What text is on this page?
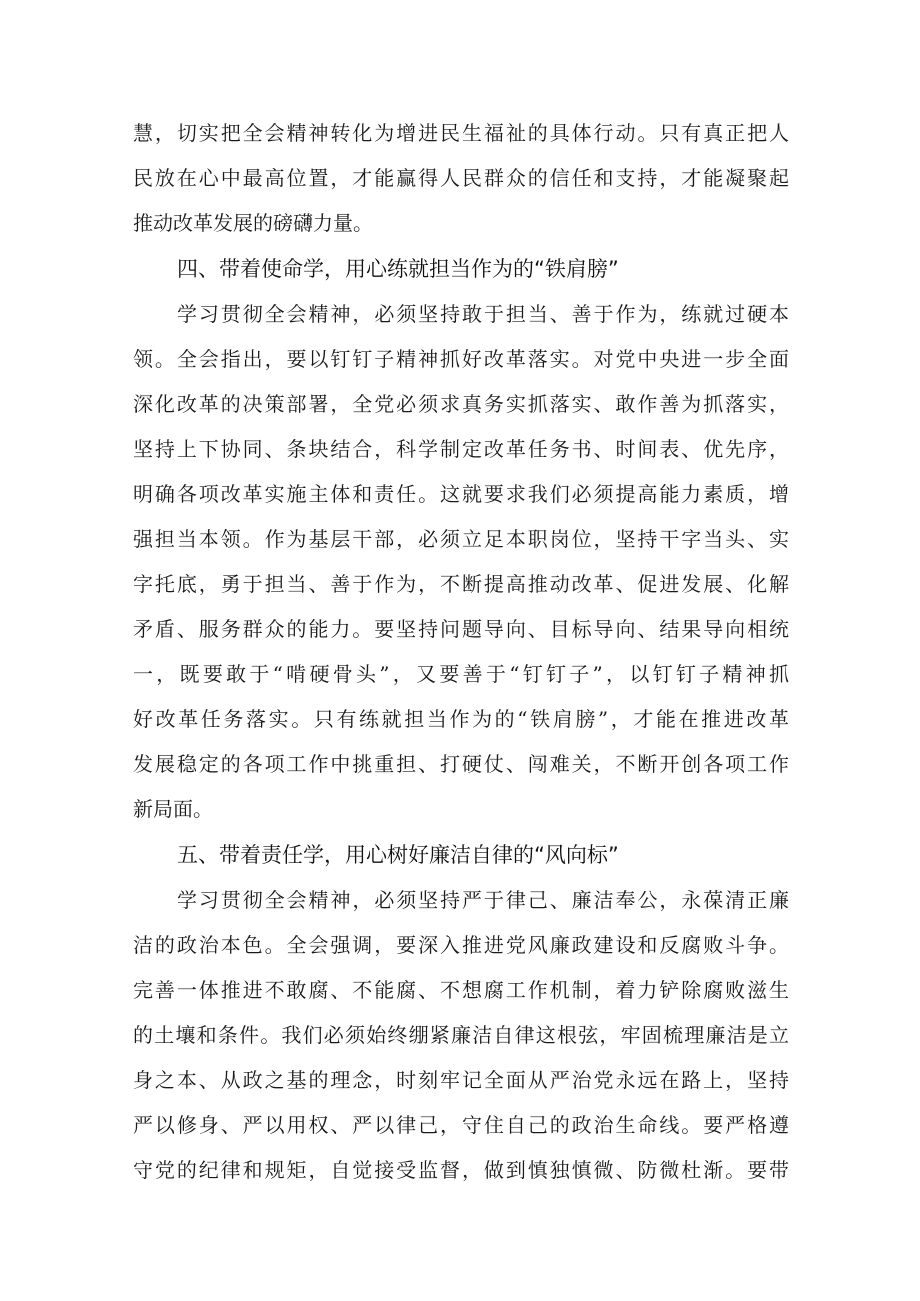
慧，切实把全会精神转化为增进民生福祉的具体行动。只有真正把人
民放在心中最高位置，才能赢得人民群众的信任和支持，才能凝聚起
推动改革发展的磅礴力量。
四、带着使命学，用心练就担当作为的“铁肩膀”
学习贯彻全会精神，必须坚持敢于担当、善于作为，练就过硬本
领。全会指出，要以钉钉子精神抓好改革落实。对党中央进一步全面
深化改革的决策部署，全党必须求真务实抓落实、敢作善为抓落实，
坚持上下协同、条块结合，科学制定改革任务书、时间表、优先序，
明确各项改革实施主体和责任。这就要求我们必须提高能力素质，增
强担当本领。作为基层干部，必须立足本职岗位，坚持干字当头、实
字托底，勇于担当、善于作为，不断提高推动改革、促进发展、化解
矛盾、服务群众的能力。要坚持问题导向、目标导向、结果导向相统
一，既要敢于“啃硬骨头”，又要善于“钉钉子”，以钉钉子精神抓
好改革任务落实。只有练就担当作为的“铁肩膀”，才能在推进改革
发展稳定的各项工作中挑重担、打硬仗、闯难关，不断开创各项工作
新局面。
五、带着责任学，用心树好廉洁自律的“风向标”
学习贯彻全会精神，必须坚持严于律己、廉洁奉公，永葆清正廉
洁的政治本色。全会强调，要深入推进党风廉政建设和反腐败斗争。
完善一体推进不敢腐、不能腐、不想腐工作机制，着力铲除腐败滋生
的土壤和条件。我们必须始终绷紧廉洁自律这根弦，牢固梳理廉洁是立
身之本、从政之基的理念，时刻牢记全面从严治党永远在路上，坚持
严以修身、严以用权、严以律己，守住自己的政治生命线。要严格遵
守党的纪律和规矩，自觉接受监督，做到慎独慎微、防微杜渐。要带
